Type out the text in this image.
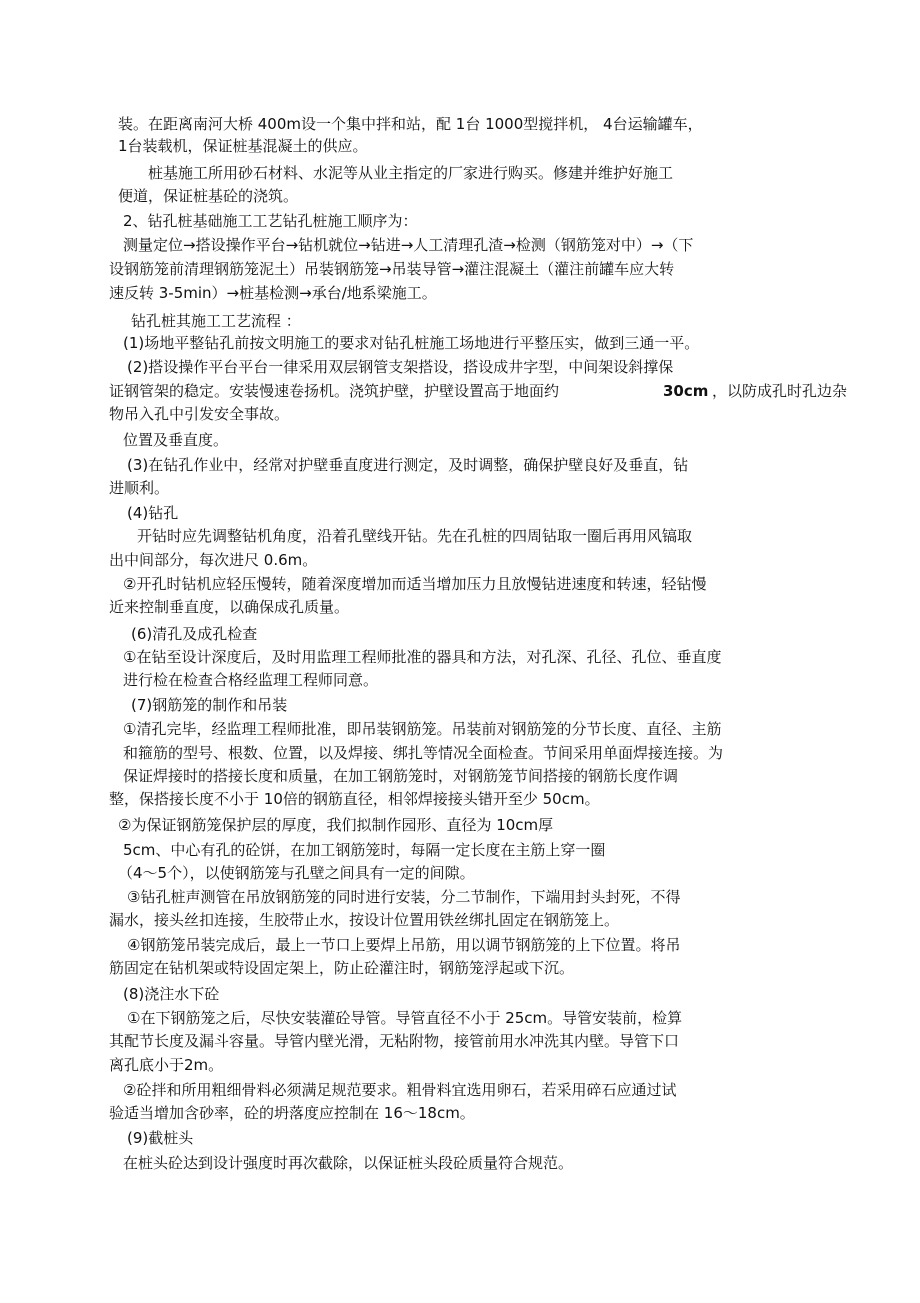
装。在距离南河大桥 400m设一个集中拌和站，配 1台 1000型搅拌机， 4台运输罐车，
1台装载机，保证桩基混凝土的供应。
桩基施工所用砂石材料、水泥等从业主指定的厂家进行购买。修建并维护好施工
便道，保证桩基砼的浇筑。
2、钻孔桩基础施工工艺钻孔桩施工顺序为：
测量定位→搭设操作平台→钻机就位→钻进→人工清理孔渣→检测（钢筋笼对中）→（下
设钢筋笼前清理钢筋笼泥土）吊装钢筋笼→吊装导管→灌注混凝土（灌注前罐车应大转
速反转 3-5min）→桩基检测→承台/地系梁施工。
钻孔桩其施工工艺流程 ：
(1)场地平整钻孔前按文明施工的要求对钻孔桩施工场地进行平整压实，做到三通一平。
(2)搭设操作平台平台一律采用双层钢管支架搭设，搭设成井字型，中间架设斜撑保
证钢管架的稳定。安装慢速卷扬机。浇筑护壁，护壁设置高于地面约	30cm ，以防成孔时孔边杂
物吊入孔中引发安全事故。
位置及垂直度。
(3)在钻孔作业中，经常对护壁垂直度进行测定，及时调整，确保护壁良好及垂直，钻
进顺利。
(4)钻孔
开钻时应先调整钻机角度，沿着孔壁线开钻。先在孔桩的四周钻取一圈后再用风镐取
出中间部分，每次进尺 0.6m。
②开孔时钻机应轻压慢转，随着深度增加而适当增加压力且放慢钻进速度和转速，轻钻慢
近来控制垂直度，以确保成孔质量。
(6)清孔及成孔检查
①在钻至设计深度后，及时用监理工程师批准的器具和方法，对孔深、孔径、孔位、垂直度
进行检在检查合格经监理工程师同意。
(7)钢筋笼的制作和吊装
①清孔完毕，经监理工程师批准，即吊装钢筋笼。吊装前对钢筋笼的分节长度、直径、主筋
和箍筋的型号、根数、位置，以及焊接、绑扎等情况全面检查。节间采用单面焊接连接。为
保证焊接时的搭接长度和质量，在加工钢筋笼时，对钢筋笼节间搭接的钢筋长度作调
整，保搭接长度不小于 10倍的钢筋直径，相邻焊接接头错开至少 50cm。
②为保证钢筋笼保护层的厚度，我们拟制作园形、直径为 10cm厚
5cm、中心有孔的砼饼，在加工钢筋笼时，每隔一定长度在主筋上穿一圈
（4～5个），以使钢筋笼与孔壁之间具有一定的间隙。
③钻孔桩声测管在吊放钢筋笼的同时进行安装，分二节制作，下端用封头封死，不得
漏水，接头丝扣连接，生胶带止水，按设计位置用铁丝绑扎固定在钢筋笼上。
④钢筋笼吊装完成后，最上一节口上要焊上吊筋，用以调节钢筋笼的上下位置。将吊
筋固定在钻机架或特设固定架上，防止砼灌注时，钢筋笼浮起或下沉。
(8)浇注水下砼
①在下钢筋笼之后，尽快安装灌砼导管。导管直径不小于 25cm。导管安装前，检算
其配节长度及漏斗容量。导管内壁光滑，无粘附物，接管前用水冲洗其内壁。导管下口
离孔底小于2m。
②砼拌和所用粗细骨料必须满足规范要求。粗骨料宜选用卵石，若采用碎石应通过试
验适当增加含砂率，砼的坍落度应控制在 16～18cm。
(9)截桩头
在桩头砼达到设计强度时再次截除，以保证桩头段砼质量符合规范。
